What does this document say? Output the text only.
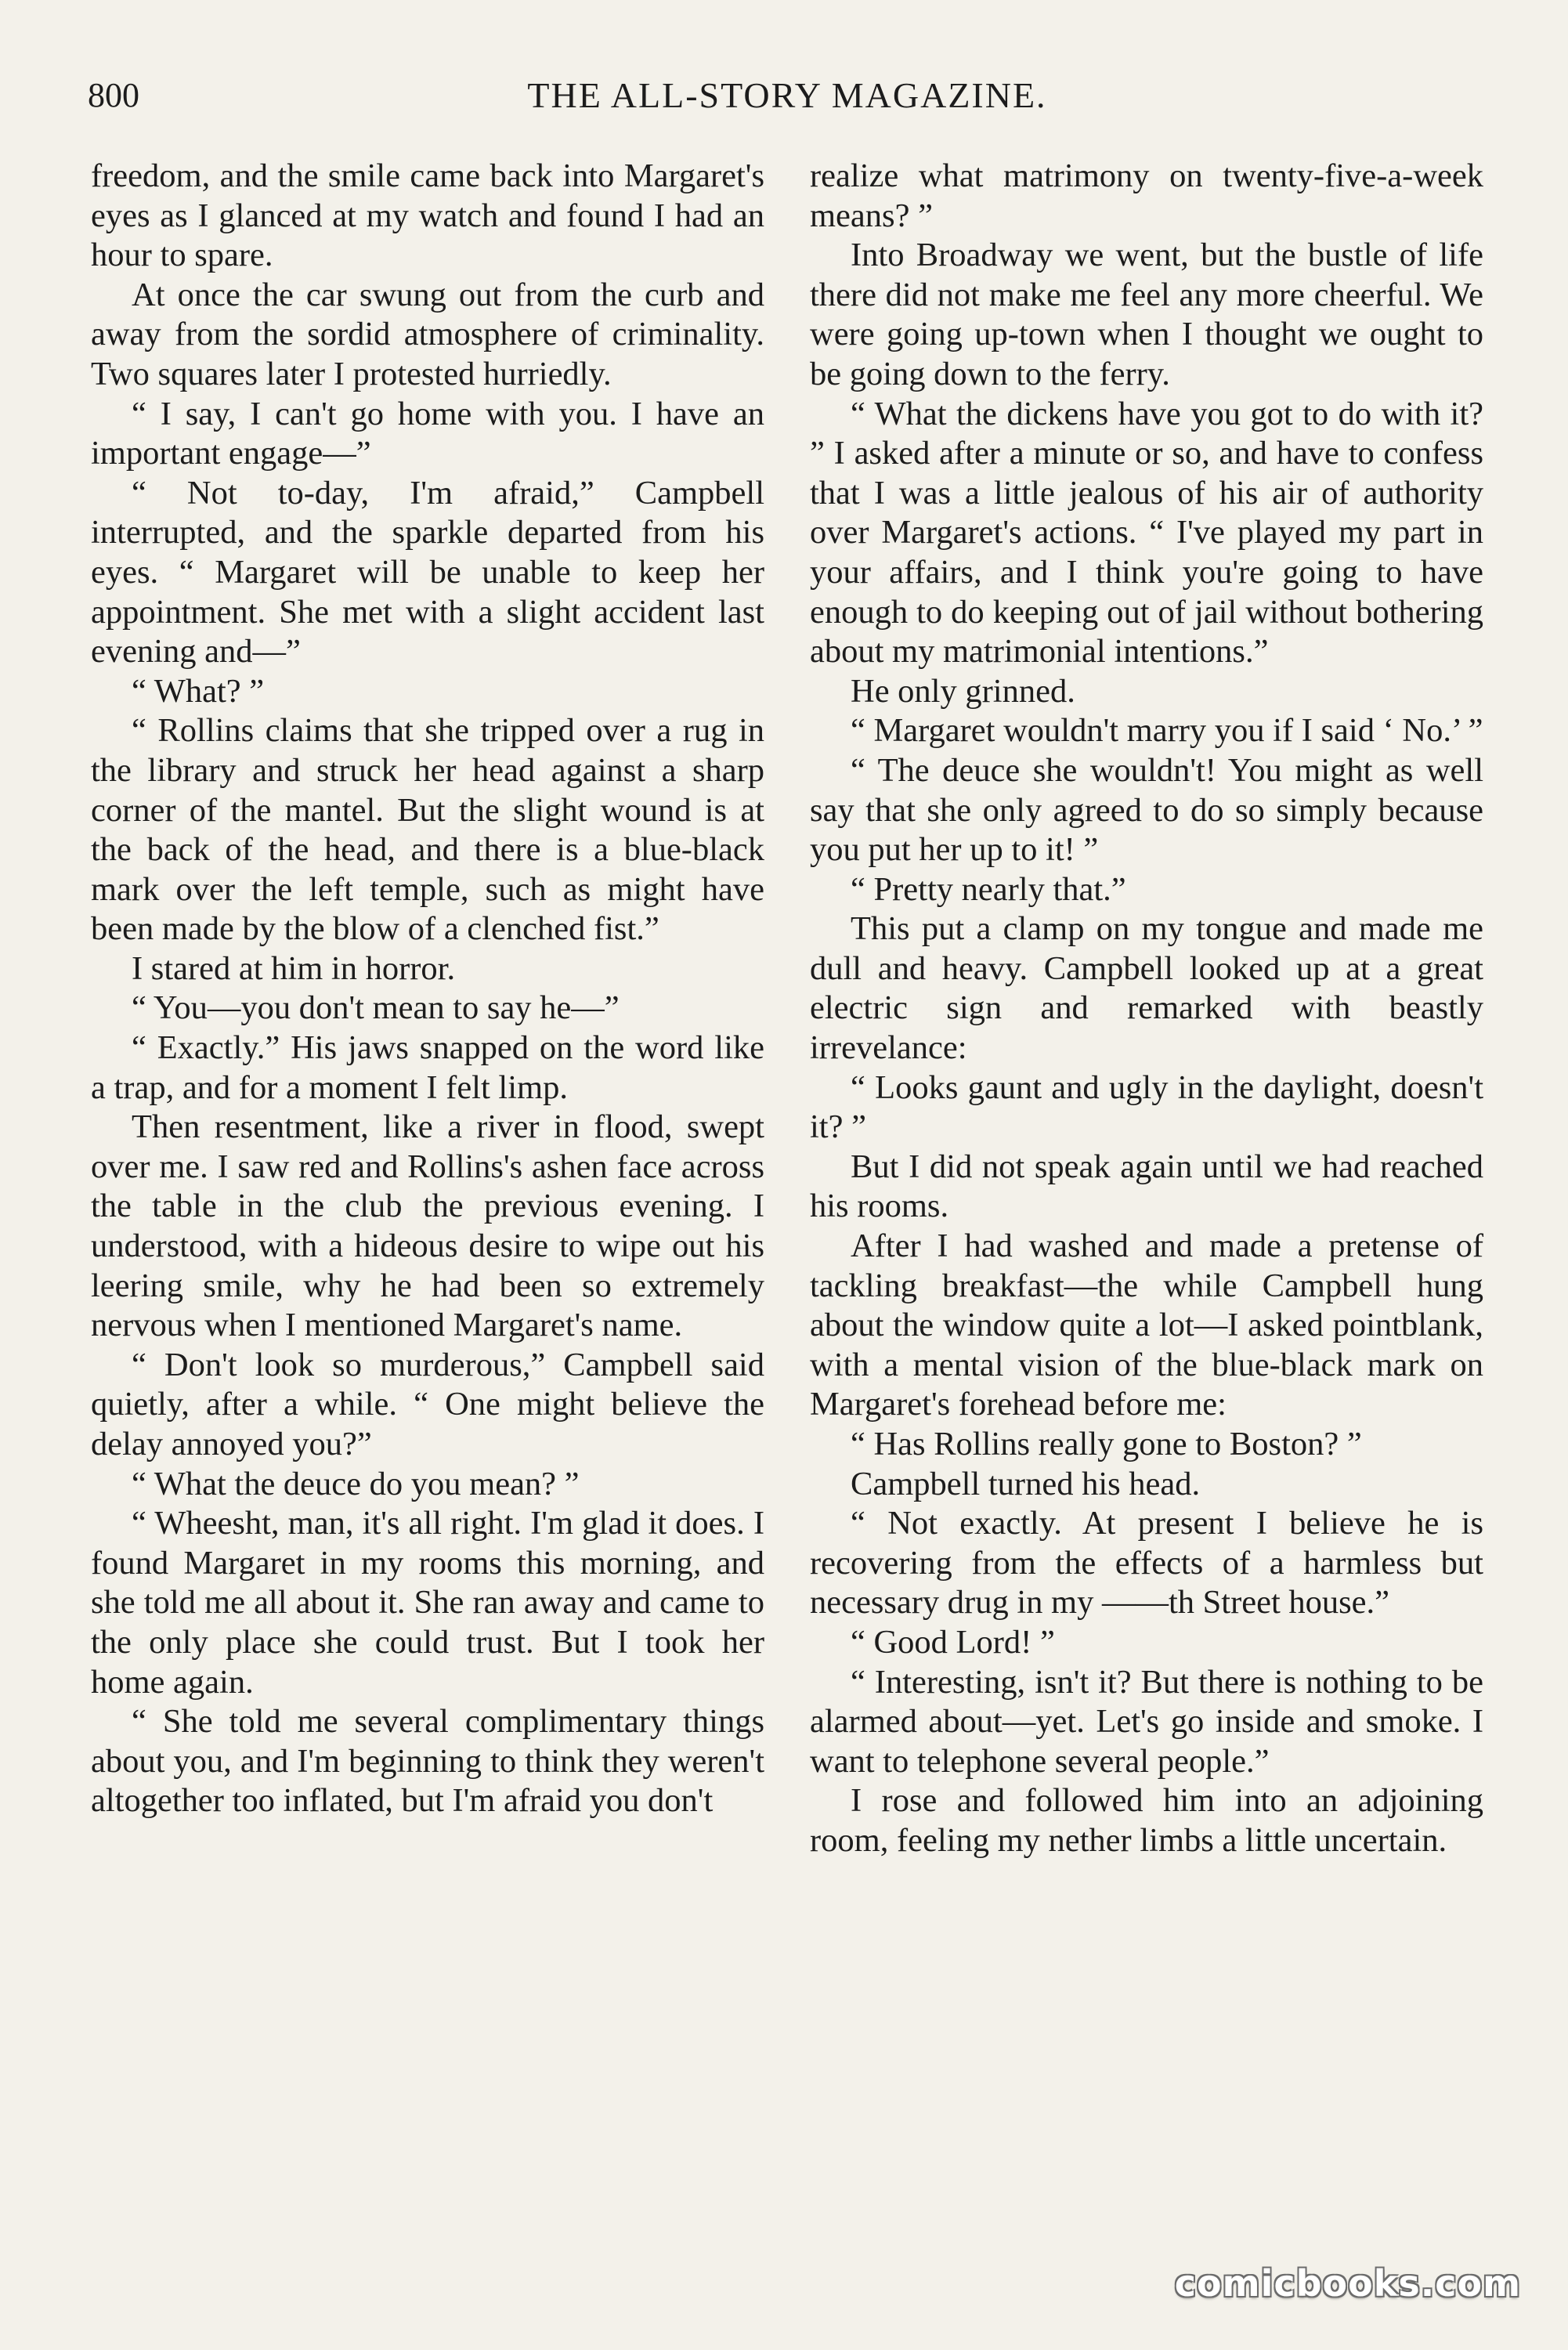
800	THE ALL-STORY MAGAZINE.

freedom, and the smile came back into Margaret's eyes as I glanced at my watch and found I had an hour to spare.

At once the car swung out from the curb and away from the sordid atmosphere of criminality. Two squares later I protested hurriedly.

“ I say, I can't go home with you. I have an important engage—”

“ Not to-day, I'm afraid,” Campbell interrupted, and the sparkle departed from his eyes. “ Margaret will be unable to keep her appointment. She met with a slight accident last evening and—”

“ What? ”

“ Rollins claims that she tripped over a rug in the library and struck her head against a sharp corner of the mantel. But the slight wound is at the back of the head, and there is a blue-black mark over the left temple, such as might have been made by the blow of a clenched fist.”

I stared at him in horror.

“ You—you don't mean to say he—”

“ Exactly.” His jaws snapped on the word like a trap, and for a moment I felt limp.

Then resentment, like a river in flood, swept over me. I saw red and Rollins's ashen face across the table in the club the previous evening. I understood, with a hideous desire to wipe out his leering smile, why he had been so extremely nervous when I mentioned Margaret's name.

“ Don't look so murderous,” Campbell said quietly, after a while. “ One might believe the delay annoyed you?”

“ What the deuce do you mean? ”

“ Wheesht, man, it's all right. I'm glad it does. I found Margaret in my rooms this morning, and she told me all about it. She ran away and came to the only place she could trust. But I took her home again.

“ She told me several complimentary things about you, and I'm beginning to think they weren't altogether too inflated, but I'm afraid you don't

realize what matrimony on twenty-five-a-week means? ”

Into Broadway we went, but the bustle of life there did not make me feel any more cheerful. We were going up-town when I thought we ought to be going down to the ferry.

“ What the dickens have you got to do with it? ” I asked after a minute or so, and have to confess that I was a little jealous of his air of authority over Margaret's actions. “ I've played my part in your affairs, and I think you're going to have enough to do keeping out of jail without bothering about my matrimonial intentions.”

He only grinned.

“ Margaret wouldn't marry you if I said ‘ No.’ ”

“ The deuce she wouldn't! You might as well say that she only agreed to do so simply because you put her up to it! ”

“ Pretty nearly that.”

This put a clamp on my tongue and made me dull and heavy. Campbell looked up at a great electric sign and remarked with beastly irrevelance:

“ Looks gaunt and ugly in the daylight, doesn't it? ”

But I did not speak again until we had reached his rooms.

After I had washed and made a pretense of tackling breakfast—the while Campbell hung about the window quite a lot—I asked pointblank, with a mental vision of the blue-black mark on Margaret's forehead before me:

“ Has Rollins really gone to Boston? ”

Campbell turned his head.

“ Not exactly. At present I believe he is recovering from the effects of a harmless but necessary drug in my ——th Street house.”

“ Good Lord! ”

“ Interesting, isn't it? But there is nothing to be alarmed about—yet. Let's go inside and smoke. I want to telephone several people.”

I rose and followed him into an adjoining room, feeling my nether limbs a little uncertain.

comicbooks.com
